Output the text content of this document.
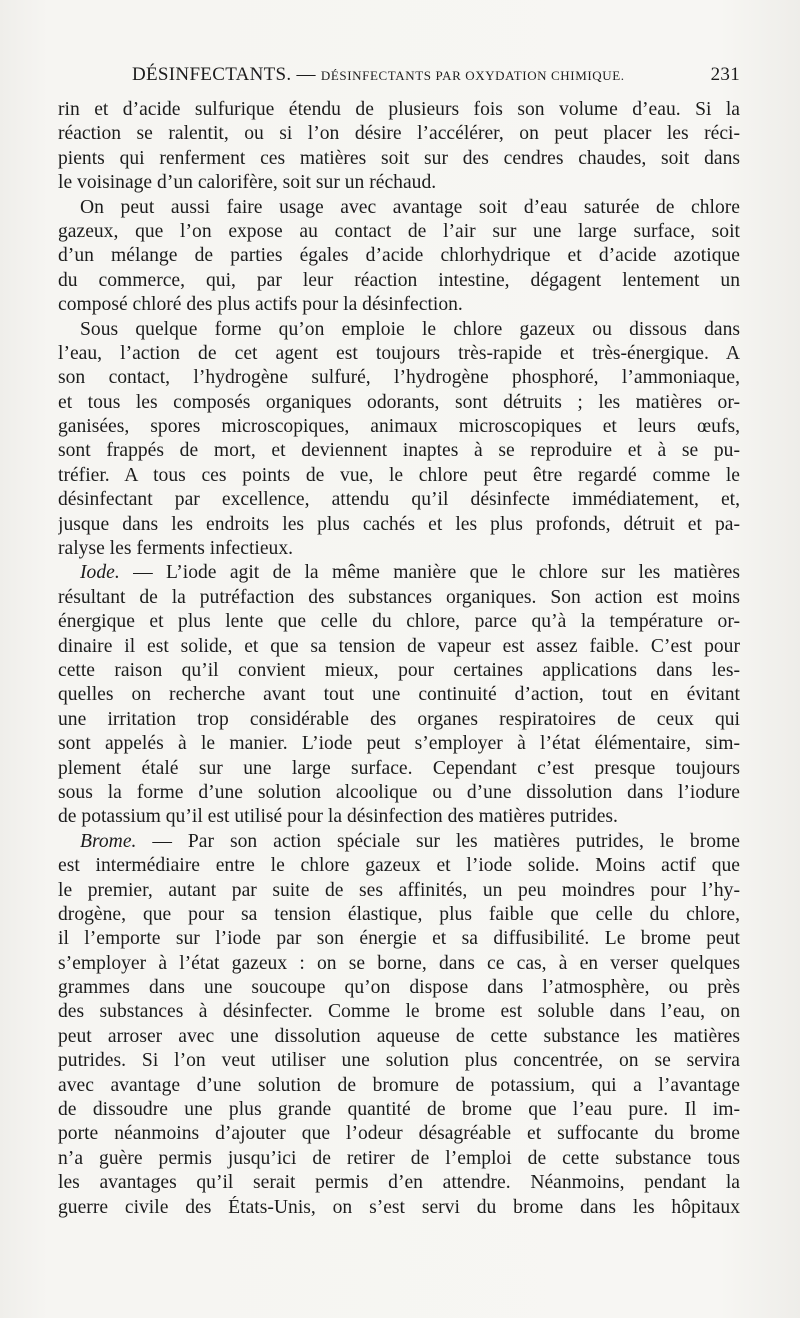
DÉSINFECTANTS. — DÉSINFECTANTS PAR OXYDATION CHIMIQUE.	231
rin et d’acide sulfurique étendu de plusieurs fois son volume d’eau. Si la
réaction se ralentit, ou si l’on désire l’accélérer, on peut placer les réci-
pients qui renferment ces matières soit sur des cendres chaudes, soit dans
le voisinage d’un calorifère, soit sur un réchaud.
On peut aussi faire usage avec avantage soit d’eau saturée de chlore
gazeux, que l’on expose au contact de l’air sur une large surface, soit
d’un mélange de parties égales d’acide chlorhydrique et d’acide azotique
du commerce, qui, par leur réaction intestine, dégagent lentement un
composé chloré des plus actifs pour la désinfection.
Sous quelque forme qu’on emploie le chlore gazeux ou dissous dans
l’eau, l’action de cet agent est toujours très-rapide et très-énergique. A
son contact, l’hydrogène sulfuré, l’hydrogène phosphoré, l’ammoniaque,
et tous les composés organiques odorants, sont détruits ; les matières or-
ganisées, spores microscopiques, animaux microscopiques et leurs œufs,
sont frappés de mort, et deviennent inaptes à se reproduire et à se pu-
tréfier. A tous ces points de vue, le chlore peut être regardé comme le
désinfectant par excellence, attendu qu’il désinfecte immédiatement, et,
jusque dans les endroits les plus cachés et les plus profonds, détruit et pa-
ralyse les ferments infectieux.
Iode. — L’iode agit de la même manière que le chlore sur les matières
résultant de la putréfaction des substances organiques. Son action est moins
énergique et plus lente que celle du chlore, parce qu’à la température or-
dinaire il est solide, et que sa tension de vapeur est assez faible. C’est pour
cette raison qu’il convient mieux, pour certaines applications dans les-
quelles on recherche avant tout une continuité d’action, tout en évitant
une irritation trop considérable des organes respiratoires de ceux qui
sont appelés à le manier. L’iode peut s’employer à l’état élémentaire, sim-
plement étalé sur une large surface. Cependant c’est presque toujours
sous la forme d’une solution alcoolique ou d’une dissolution dans l’iodure
de potassium qu’il est utilisé pour la désinfection des matières putrides.
Brome. — Par son action spéciale sur les matières putrides, le brome
est intermédiaire entre le chlore gazeux et l’iode solide. Moins actif que
le premier, autant par suite de ses affinités, un peu moindres pour l’hy-
drogène, que pour sa tension élastique, plus faible que celle du chlore,
il l’emporte sur l’iode par son énergie et sa diffusibilité. Le brome peut
s’employer à l’état gazeux : on se borne, dans ce cas, à en verser quelques
grammes dans une soucoupe qu’on dispose dans l’atmosphère, ou près
des substances à désinfecter. Comme le brome est soluble dans l’eau, on
peut arroser avec une dissolution aqueuse de cette substance les matières
putrides. Si l’on veut utiliser une solution plus concentrée, on se servira
avec avantage d’une solution de bromure de potassium, qui a l’avantage
de dissoudre une plus grande quantité de brome que l’eau pure. Il im-
porte néanmoins d’ajouter que l’odeur désagréable et suffocante du brome
n’a guère permis jusqu’ici de retirer de l’emploi de cette substance tous
les avantages qu’il serait permis d’en attendre. Néanmoins, pendant la
guerre civile des États-Unis, on s’est servi du brome dans les hôpitaux
